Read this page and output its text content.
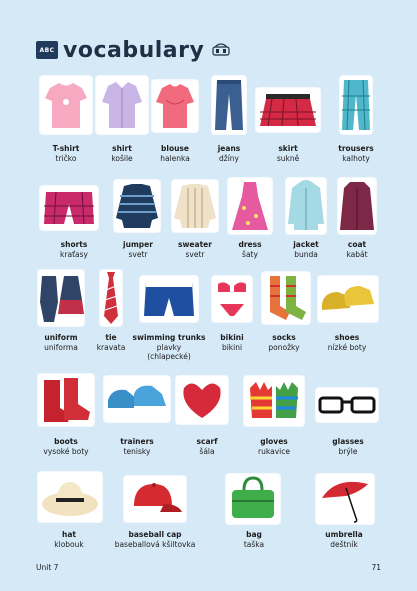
ABC vocabulary
T-shirt
tričko
shirt
košile
blouse
halenka
jeans
džíny
skirt
sukně
trousers
kalhoty
shorts
kraťasy
jumper
svetr
sweater
svetr
dress
šaty
jacket
bunda
coat
kabát
uniform
uniforma
tie
kravata
swimming trunks
plavky
(chlapecké)
bikini
bikini
socks
ponožky
shoes
nízké boty
boots
vysoké boty
trainers
tenisky
scarf
šála
gloves
rukavice
glasses
brýle
hat
klobouk
baseball cap
baseballová kšiltovka
bag
taška
umbrella
deštník
Unit 7	71
